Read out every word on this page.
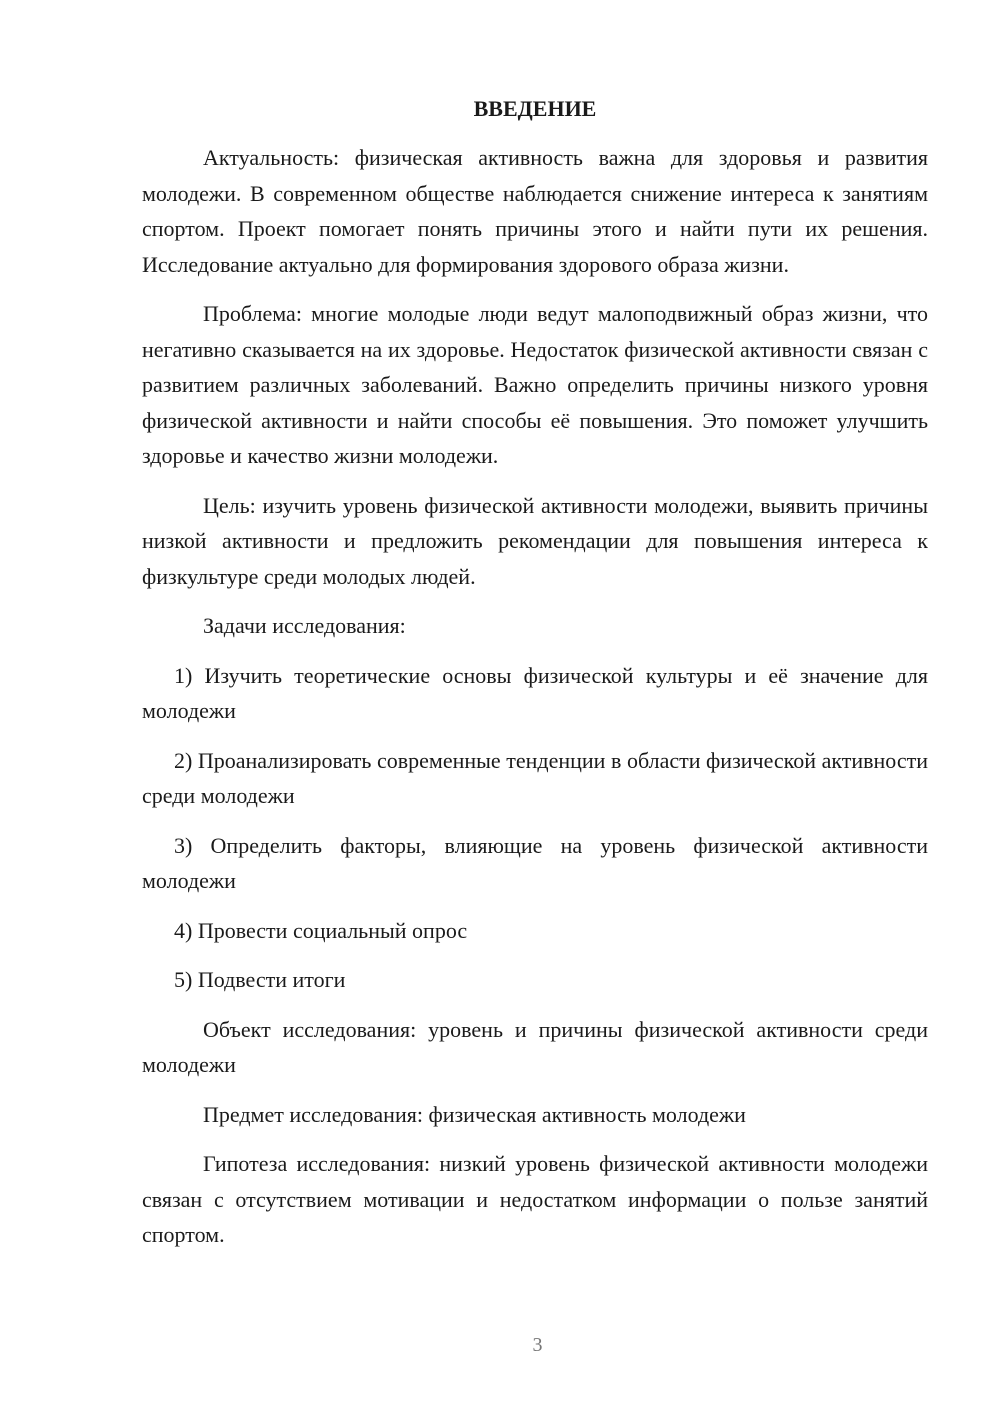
ВВЕДЕНИЕ

Актуальность: физическая активность важна для здоровья и развития молодежи. В современном обществе наблюдается снижение интереса к занятиям спортом. Проект помогает понять причины этого и найти пути их решения. Исследование актуально для формирования здорового образа жизни.

Проблема: многие молодые люди ведут малоподвижный образ жизни, что негативно сказывается на их здоровье. Недостаток физической активности связан с развитием различных заболеваний. Важно определить причины низкого уровня физической активности и найти способы её повышения. Это поможет улучшить здоровье и качество жизни молодежи.

Цель: изучить уровень физической активности молодежи, выявить причины низкой активности и предложить рекомендации для повышения интереса к физкультуре среди молодых людей.

Задачи исследования:

1) Изучить теоретические основы физической культуры и её значение для молодежи

2) Проанализировать современные тенденции в области физической активности среди молодежи

3) Определить факторы, влияющие на уровень физической активности молодежи

4) Провести социальный опрос

5) Подвести итоги

Объект исследования: уровень и причины физической активности среди молодежи

Предмет исследования: физическая активность молодежи

Гипотеза исследования: низкий уровень физической активности молодежи связан с отсутствием мотивации и недостатком информации о пользе занятий спортом.

3
